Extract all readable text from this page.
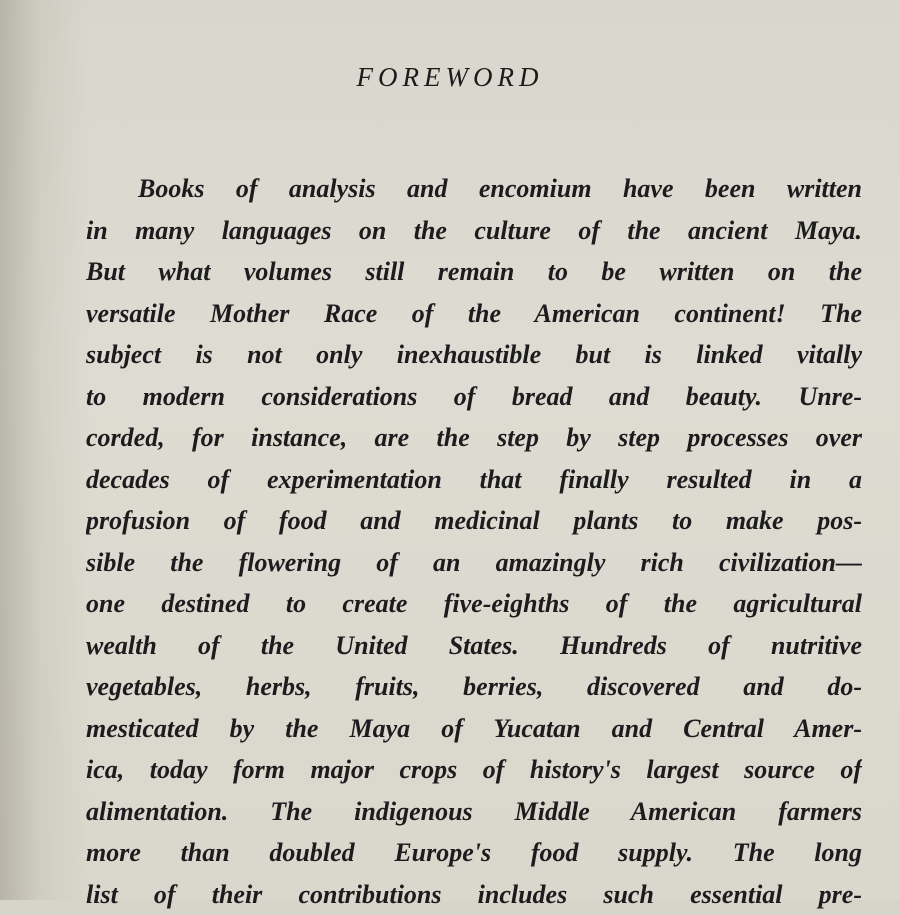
FOREWORD
Books of analysis and encomium have been written
in many languages on the culture of the ancient Maya.
But what volumes still remain to be written on the
versatile Mother Race of the American continent! The
subject is not only inexhaustible but is linked vitally
to modern considerations of bread and beauty. Unre-
corded, for instance, are the step by step processes over
decades of experimentation that finally resulted in a
profusion of food and medicinal plants to make pos-
sible the flowering of an amazingly rich civilization—
one destined to create five-eighths of the agricultural
wealth of the United States. Hundreds of nutritive
vegetables, herbs, fruits, berries, discovered and do-
mesticated by the Maya of Yucatan and Central Amer-
ica, today form major crops of history's largest source of
alimentation. The indigenous Middle American farmers
more than doubled Europe's food supply. The long
list of their contributions includes such essential pre-
